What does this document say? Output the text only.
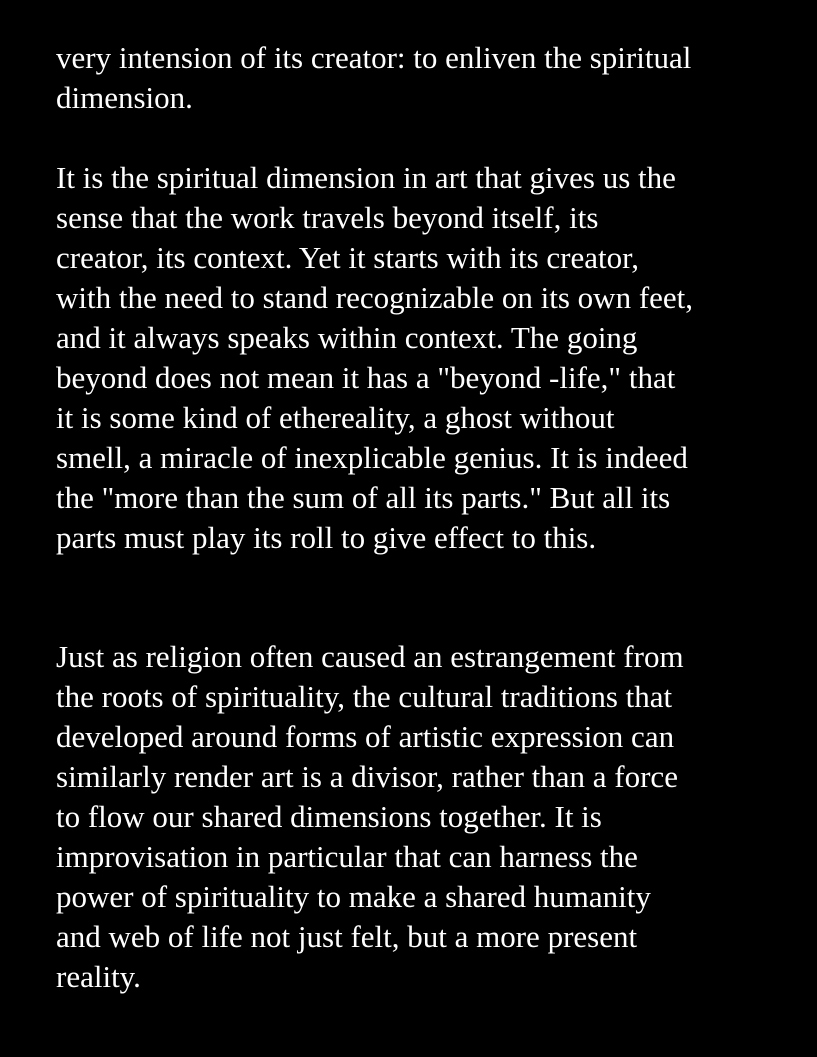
very intension of its creator: to enliven the spiritual
dimension.
It is the spiritual dimension in art that gives us the
sense that the work travels beyond itself, its
creator, its context. Yet it starts with its creator,
with the need to stand recognizable on its own feet,
and it always speaks within context. The going
beyond does not mean it has a "beyond -life," that
it is some kind of ethereality, a ghost without
smell, a miracle of inexplicable genius. It is indeed
the "more than the sum of all its parts." But all its
parts must play its roll to give effect to this.
Just as religion often caused an estrangement from
the roots of spirituality, the cultural traditions that
developed around forms of artistic expression can
similarly render art is a divisor, rather than a force
to flow our shared dimensions together. It is
improvisation in particular that can harness the
power of spirituality to make a shared humanity
and web of life not just felt, but a more present
reality.
